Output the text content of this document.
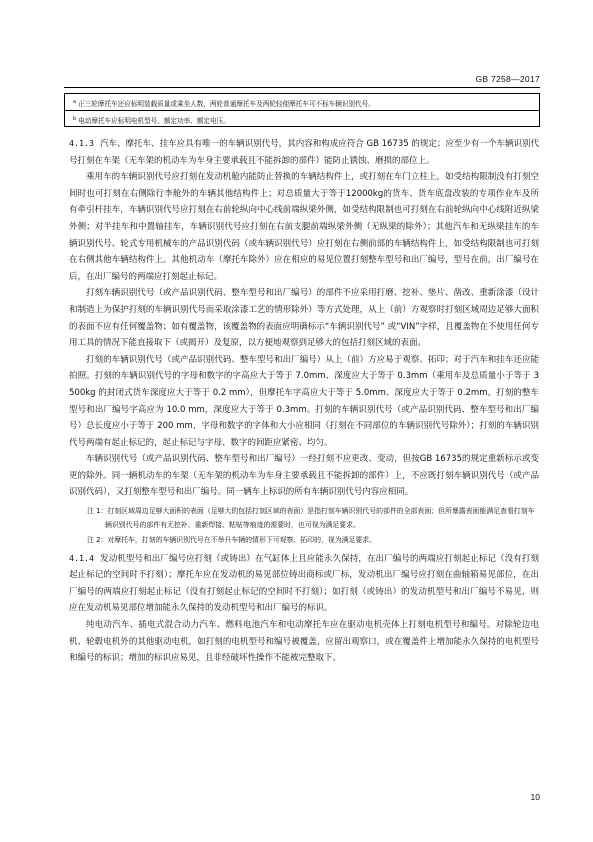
GB 7258—2017
$^a$ 正三轮摩托车还应标明装载质量或乘坐人数，两轮普通摩托车及两轮轻便摩托车可不标车辆识别代号。
$^b$ 电动摩托车应标明电机型号、额定功率、额定电压。

4.1.3 汽车、摩托车、挂车应具有唯一的车辆识别代号，其内容和构成应符合 GB 16735 的规定；应至少有一个车辆识别代号打刻在车架（无车架的机动车为车身主要承载且不能拆卸的部件）能防止锈蚀、磨损的部位上。

乘用车的车辆识别代号应打刻在发动机舱内能防止替换的车辆结构件上，或打刻在车门立柱上，如受结构限制没有打刻空间时也可打刻在右侧除行李舱外的车辆其他结构件上；对总质量大于等于12000kg的货车、货车底盘改装的专项作业车及所有牵引杆挂车，车辆识别代号应打刻在右前轮纵向中心线前端纵梁外侧，如受结构限制也可打刻在右前轮纵向中心线附近纵梁外侧；对半挂车和中置轴挂车，车辆识别代号应打刻在右前支腿前端纵梁外侧（无纵梁的除外）；其他汽车和无纵梁挂车的车辆识别代号、轮式专用机械车的产品识别代码（或车辆识别代号）应打刻在右侧前部的车辆结构件上，如受结构限制也可打刻在右侧其他车辆结构件上。其他机动车（摩托车除外）应在相应的易见位置打刻整车型号和出厂编号，型号在前，出厂编号在后，在出厂编号的两端应打刻起止标记。

打刻车辆识别代号（或产品识别代码、整车型号和出厂编号）的部件不应采用打磨、挖补、垫片、凿改、重新涂漆（设计和制造上为保护打刻的车辆识别代号而采取涂漆工艺的情形除外）等方式处理，从上（前）方观察时打刻区域周边足够大面积的表面不应有任何覆盖物；如有覆盖物，该覆盖物的表面应明确标示“车辆识别代号” 或“VIN”字样，且覆盖物在不使用任何专用工具的情况下能直接取下（或揭开）及复原，以方便地观察到足够大的包括打刻区域的表面。

打刻的车辆识别代号（或产品识别代码、整车型号和出厂编号）从上（前）方应易于观察、拓印；对于汽车和挂车还应能拍照。打刻的车辆识别代号的字母和数字的字高应大于等于 7.0mm、深度应大于等于 0.3mm（乘用车及总质量小于等于 3500kg 的封闭式货车深度应大于等于 0.2 mm），但摩托车字高应大于等于 5.0mm、深度应大于等于 0.2mm。打刻的整车型号和出厂编号字高应为 10.0 mm，深度应大于等于 0.3mm。打刻的车辆识别代号（或产品识别代码、整车型号和出厂编号）总长度应小于等于 200 mm，字母和数字的字体和大小应相同（打刻在不同部位的车辆识别代号除外）；打刻的车辆识别代号两端有起止标记的，起止标记与字母、数字的间距应紧密、均匀。

车辆识别代号（或产品识别代码、整车型号和出厂编号）一经打刻不应更改、变动，但按GB 16735的规定重新标示或变更的除外。同一辆机动车的车架（无车架的机动车为车身主要承载且不能拆卸的部件）上，不应既打刻车辆识别代号（或产品识别代码），又打刻整车型号和出厂编号。同一辆车上标识的所有车辆识别代号内容应相同。

注 1：打刻区域周边足够大面积的表面（足够大的包括打刻区域的表面）是指打刻车辆识别代号的部件的全部表面；但所暴露表面能满足查看打刻车辆识别代号的部件有无挖补、重新焊接、粘贴等痕迹的需要时，也可视为满足要求。

注 2：对摩托车，打刻的车辆识别代号在不举升车辆的情形下可观察、拓印的，视为满足要求。

4.1.4 发动机型号和出厂编号应打刻（或铸出）在气缸体上且应能永久保持，在出厂编号的两端应打刻起止标记（没有打刻起止标记的空间时不打刻）；摩托车应在发动机的易见部位铸出商标或厂标，发动机出厂编号应打刻在曲轴箱易见部位，在出厂编号的两端应打刻起止标记（没有打刻起止标记的空间时不打刻）；如打刻（或铸出）的发动机型号和出厂编号不易见，则应在发动机易见部位增加能永久保持的发动机型号和出厂编号的标识。

纯电动汽车、插电式混合动力汽车、燃料电池汽车和电动摩托车应在驱动电机壳体上打刻电机型号和编号。对除轮边电机、轮毂电机外的其他驱动电机，如打刻的电机型号和编号被覆盖，应留出观察口，或在覆盖件上增加能永久保持的电机型号和编号的标识；增加的标识应易见，且非经破坏性操作不能被完整取下。

10
